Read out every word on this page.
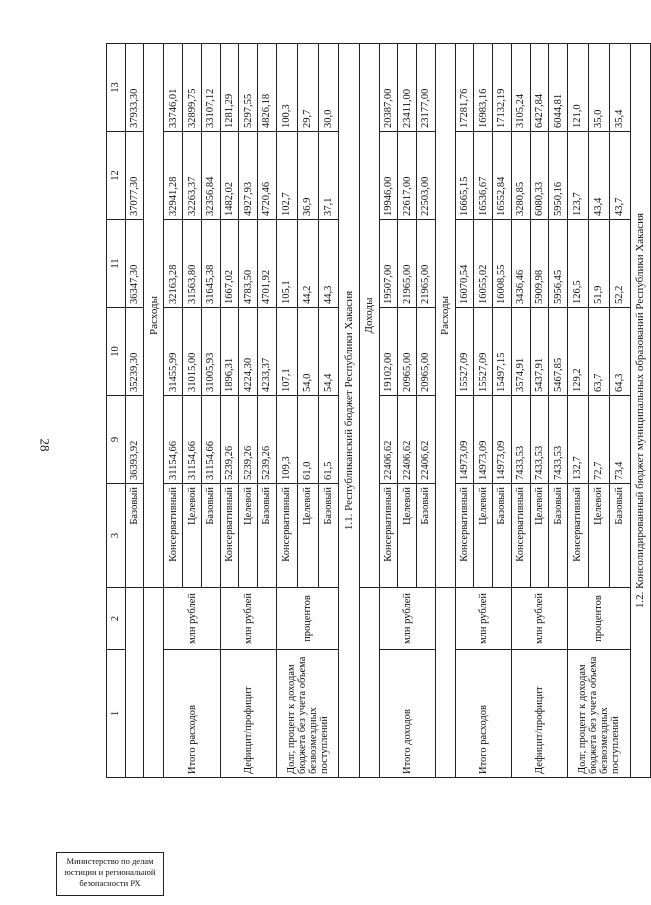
28
Министерство по делам
юстиции и региональной
безопасности РХ
1	2	3	9	10	11	12	13
		Базовый	36393,92	35239,30	36347,30	37077,30	37933,30
		Расходы					
Итого расходов	млн рублей	Консервативный	31154,66	31455,99	32163,28	32941,28	33746,01
		Целевой	31154,66	31015,00	31563,80	32263,37	32899,75
		Базовый	31154,66	31005,93	31645,38	32356,84	33107,12
Дефицит/профицит	млн рублей	Консервативный	5239,26	1896,31	1667,02	1482,02	1281,29
		Целевой	5239,26	4224,30	4783,50	4927,93	5297,55
		Базовый	5239,26	4233,37	4701,92	4720,46	4826,18
Долг, процент к доходам бюджета без учета объема безвозмездных поступлений	процентов	Консервативный	109,3	107,1	105,1	102,7	100,3
		Целевой	61,0	54,0	44,2	36,9	29,7
		Базовый	61,5	54,4	44,3	37,1	30,0
1.1. Республиканский бюджет Республики Хакасия							
		Доходы					
Итого доходов	млн рублей	Консервативный	22406,62	19102,00	19507,00	19946,00	20387,00
		Целевой	22406,62	20965,00	21965,00	22617,00	23411,00
		Базовый	22406,62	20965,00	21965,00	22503,00	23177,00
		Расходы					
Итого расходов	млн рублей	Консервативный	14973,09	15527,09	16070,54	16665,15	17281,76
		Целевой	14973,09	15527,09	16055,02	16536,67	16983,16
		Базовый	14973,09	15497,15	16008,55	16552,84	17132,19
Дефицит/профицит	млн рублей	Консервативный	7433,53	3574,91	3436,46	3280,85	3105,24
		Целевой	7433,53	5437,91	5909,98	6080,33	6427,84
		Базовый	7433,53	5467,85	5956,45	5950,16	6044,81
Долг, процент к доходам бюджета без учета объема безвозмездных поступлений	процентов	Консервативный	132,7	129,2	126,5	123,7	121,0
		Целевой	72,7	63,7	51,9	43,4	35,0
		Базовый	73,4	64,3	52,2	43,7	35,4
1.2. Консолидированный бюджет муниципальных образований Республики Хакасия							
